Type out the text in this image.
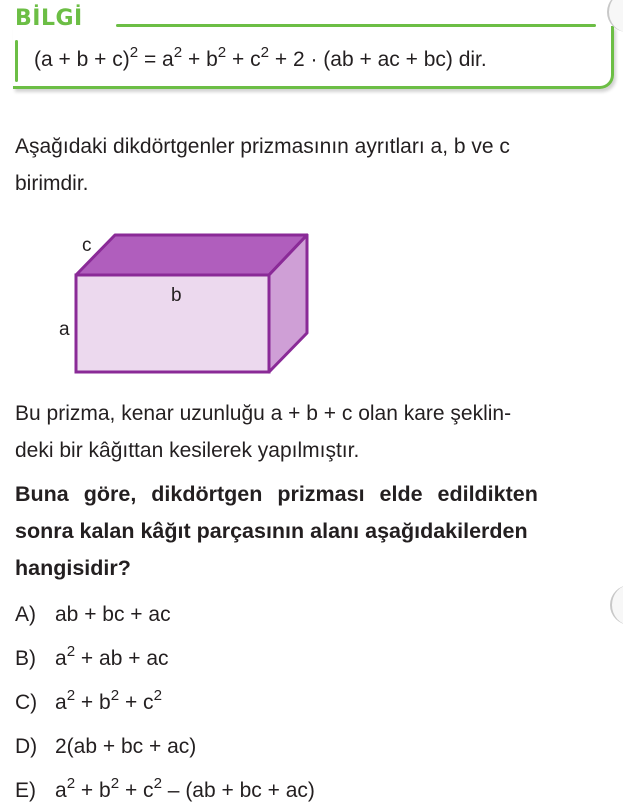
BİLGİ
$(a + b + c)^2 = a^2 + b^2 + c^2 + 2 \cdot (ab$ + ac + bc) dir.
Aşağıdaki dikdörtgenler prizmasının ayrıtları a, b ve c
birimdir.
c
b
a
Bu prizma, kenar uzunluğu a + b + c olan kare şeklin-
deki bir kâğıttan kesilerek yapılmıştır.
Buna göre, dikdörtgen prizması elde edildikten
sonra kalan kâğıt parçasının alanı aşağıdakilerden
hangisidir?
A) ab + bc + ac
B) $a^2$ + ab + ac
C) $a^2 + b^2 + c^2$
D) 2(ab + bc + ac)
E) $a^2 + b^2 + c^2 - (ab$ + bc + ac)
